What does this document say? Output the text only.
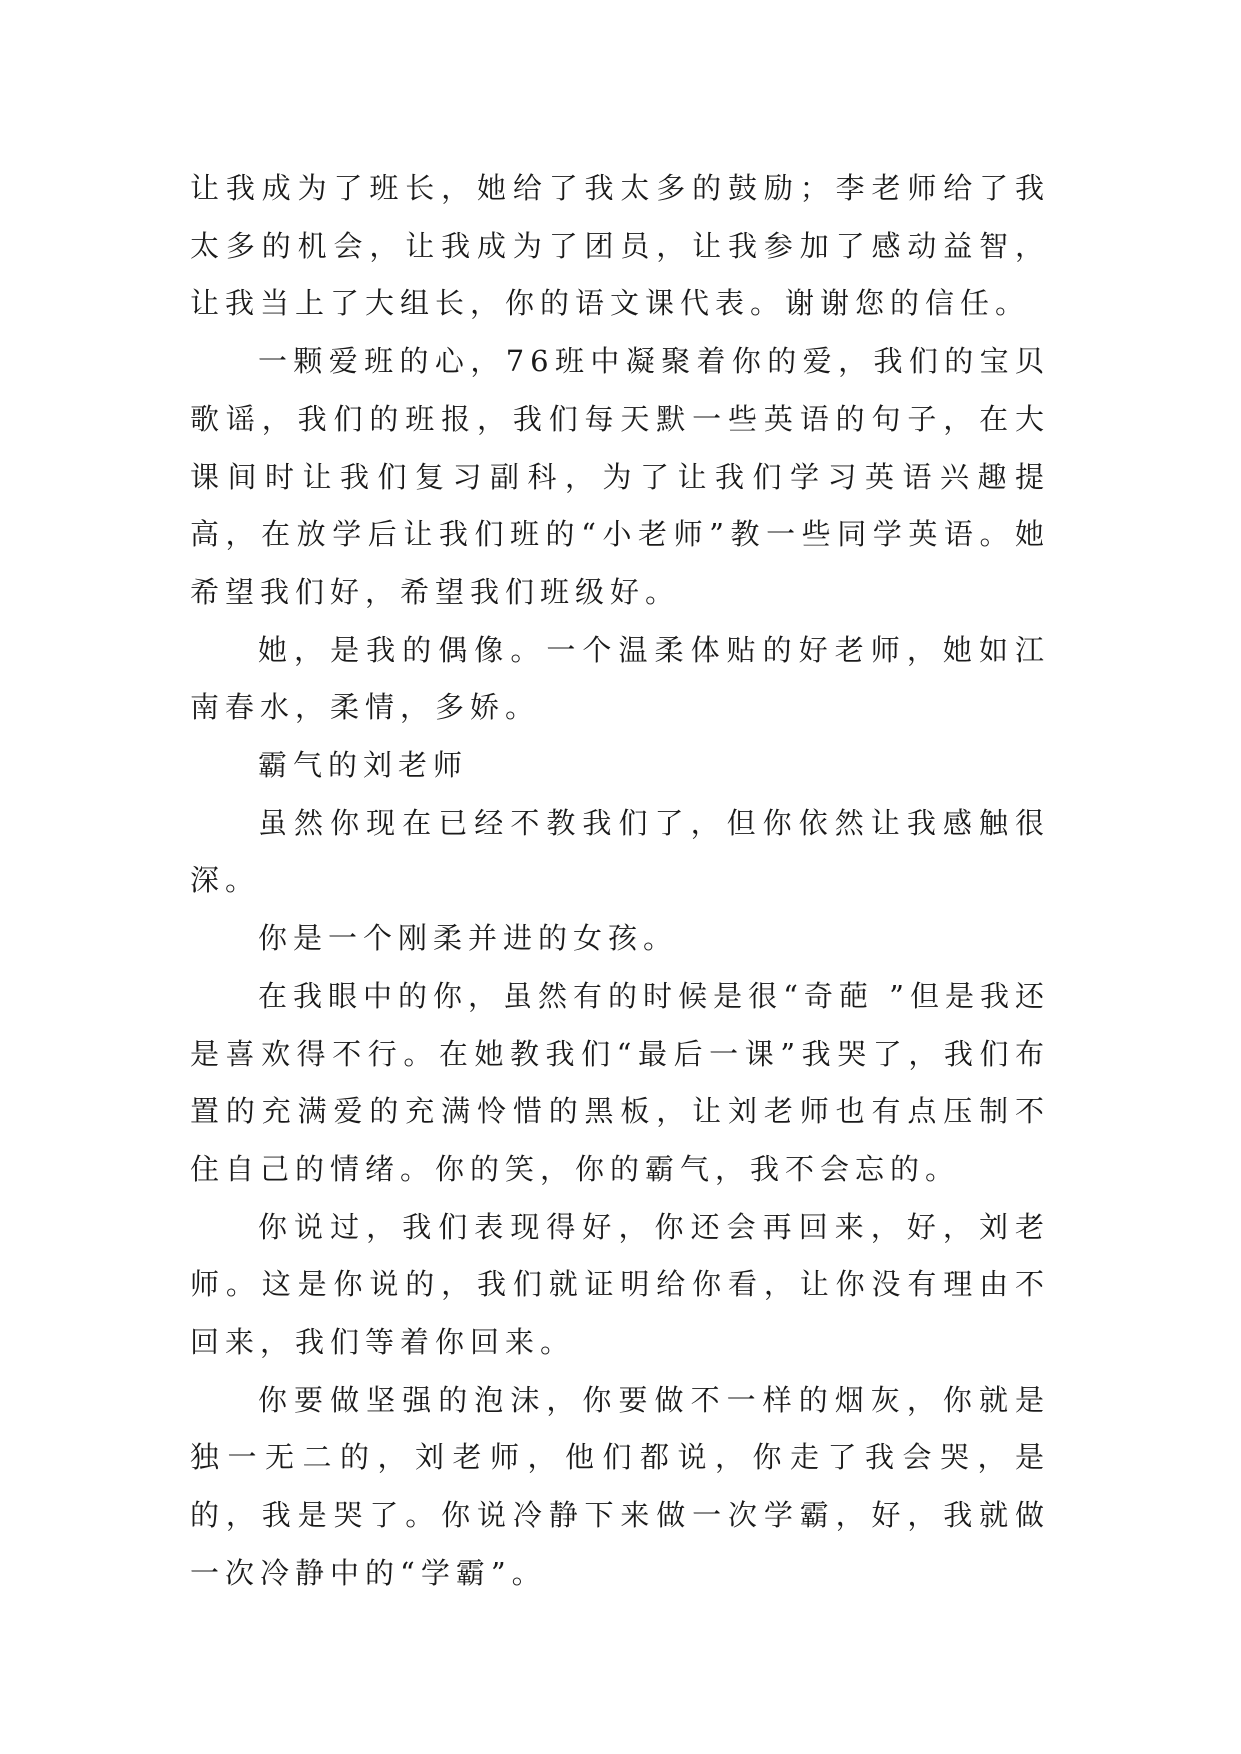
让我成为了班长，她给了我太多的鼓励；李老师给了我太多的机会，让我成为了团员，让我参加了感动益智，让我当上了大组长，你的语文课代表。谢谢您的信任。

一颗爱班的心，76班中凝聚着你的爱，我们的宝贝歌谣，我们的班报，我们每天默一些英语的句子，在大课间时让我们复习副科，为了让我们学习英语兴趣提高，在放学后让我们班的“小老师”教一些同学英语。她希望我们好，希望我们班级好。

她，是我的偶像。一个温柔体贴的好老师，她如江南春水，柔情，多娇。

霸气的刘老师

虽然你现在已经不教我们了，但你依然让我感触很深。

你是一个刚柔并进的女孩。

在我眼中的你，虽然有的时候是很“奇葩 ”但是我还是喜欢得不行。在她教我们“最后一课”我哭了，我们布置的充满爱的充满怜惜的黑板，让刘老师也有点压制不住自己的情绪。你的笑，你的霸气，我不会忘的。

你说过，我们表现得好，你还会再回来，好，刘老师。这是你说的，我们就证明给你看，让你没有理由不回来，我们等着你回来。

你要做坚强的泡沫，你要做不一样的烟灰，你就是独一无二的，刘老师，他们都说，你走了我会哭，是的，我是哭了。你说冷静下来做一次学霸，好，我就做一次冷静中的“学霸”。
